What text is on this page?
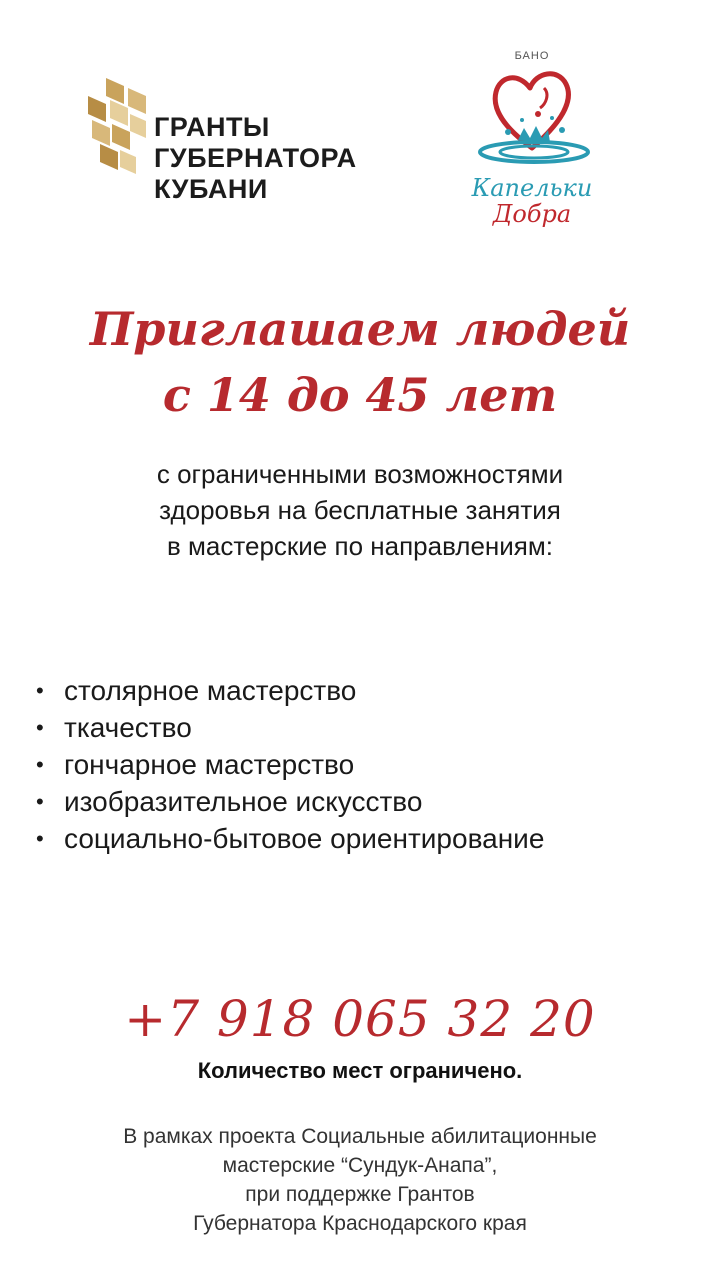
ГРАНТЫ
ГУБЕРНАТОРА
КУБАНИ
БАНО
Капельки
Добра
Приглашаем людей
с 14 до 45 лет
с ограниченными возможностями
здоровья на бесплатные занятия
в мастерские по направлениям:
• столярное мастерство
• ткачество
• гончарное мастерство
• изобразительное искусство
• социально-бытовое ориентирование
+7 918 065 32 20
Количество мест ограничено.
В рамках проекта Социальные абилитационные
мастерские “Сундук-Анапа”,
при поддержке Грантов
Губернатора Краснодарского края
